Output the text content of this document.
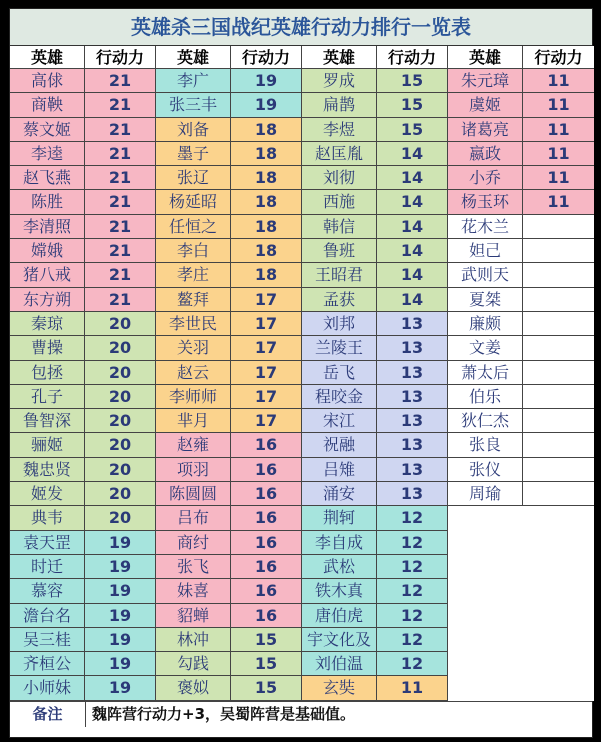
英雄杀三国战纪英雄行动力排行一览表
英雄	行动力	英雄	行动力	英雄	行动力	英雄	行动力
高俅	21	李广	19	罗成	15	朱元璋	11
商鞅	21	张三丰	19	扁鹊	15	虞姬	11
蔡文姬	21	刘备	18	李煜	15	诸葛亮	11
李逵	21	墨子	18	赵匡胤	14	嬴政	11
赵飞燕	21	张辽	18	刘彻	14	小乔	11
陈胜	21	杨延昭	18	西施	14	杨玉环	11
李清照	21	任恒之	18	韩信	14	花木兰
嫦娥	21	李白	18	鲁班	14	妲己
猪八戒	21	孝庄	18	王昭君	14	武则天
东方朔	21	鳌拜	17	孟获	14	夏桀
秦琼	20	李世民	17	刘邦	13	廉颇
曹操	20	关羽	17	兰陵王	13	文姜
包拯	20	赵云	17	岳飞	13	萧太后
孔子	20	李师师	17	程咬金	13	伯乐
鲁智深	20	芈月	17	宋江	13	狄仁杰
骊姬	20	赵雍	16	祝融	13	张良
魏忠贤	20	项羽	16	吕雉	13	张仪
姬发	20	陈圆圆	16	涌安	13	周瑜
典韦	20	吕布	16	荆轲	12
袁天罡	19	商纣	16	李自成	12
时迁	19	张飞	16	武松	12
慕容	19	妹喜	16	铁木真	12
澹台名	19	貂蝉	16	唐伯虎	12
吴三桂	19	林冲	15	宇文化及	12
齐桓公	19	勾践	15	刘伯温	12
小师妹	19	褒姒	15	玄奘	11
备注	魏阵营行动力+3，吴蜀阵营是基础值。
